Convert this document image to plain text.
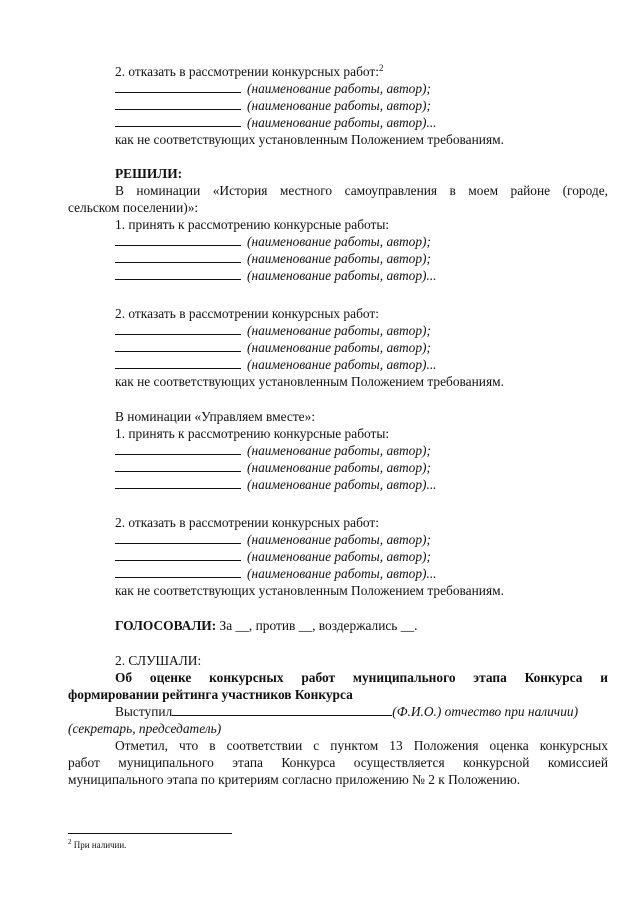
2. отказать в рассмотрении конкурсных работ:$^2$
(наименование работы, автор);
(наименование работы, автор);
(наименование работы, автор)...
как не соответствующих установленным Положением требованиям.
РЕШИЛИ:
В номинации «История местного самоуправления в моем районе (городе,
сельском поселении)»:
1. принять к рассмотрению конкурсные работы:
(наименование работы, автор);
(наименование работы, автор);
(наименование работы, автор)...
2. отказать в рассмотрении конкурсных работ:
(наименование работы, автор);
(наименование работы, автор);
(наименование работы, автор)...
как не соответствующих установленным Положением требованиям.
В номинации «Управляем вместе»:
1. принять к рассмотрению конкурсные работы:
(наименование работы, автор);
(наименование работы, автор);
(наименование работы, автор)...
2. отказать в рассмотрении конкурсных работ:
(наименование работы, автор);
(наименование работы, автор);
(наименование работы, автор)...
как не соответствующих установленным Положением требованиям.
ГОЛОСОВАЛИ: За __, против __, воздержались __.
2. СЛУШАЛИ:
Об оценке конкурсных работ муниципального этапа Конкурса и
формировании рейтинга участников Конкурса
Выступил	(Ф.И.О.) отчество при наличии)
(секретарь, председатель)
Отметил, что в соответствии с пунктом 13 Положения оценка конкурсных
работ муниципального этапа Конкурса осуществляется конкурсной комиссией
муниципального этапа по критериям согласно приложению № 2 к Положению.
$^2$ При наличии.
